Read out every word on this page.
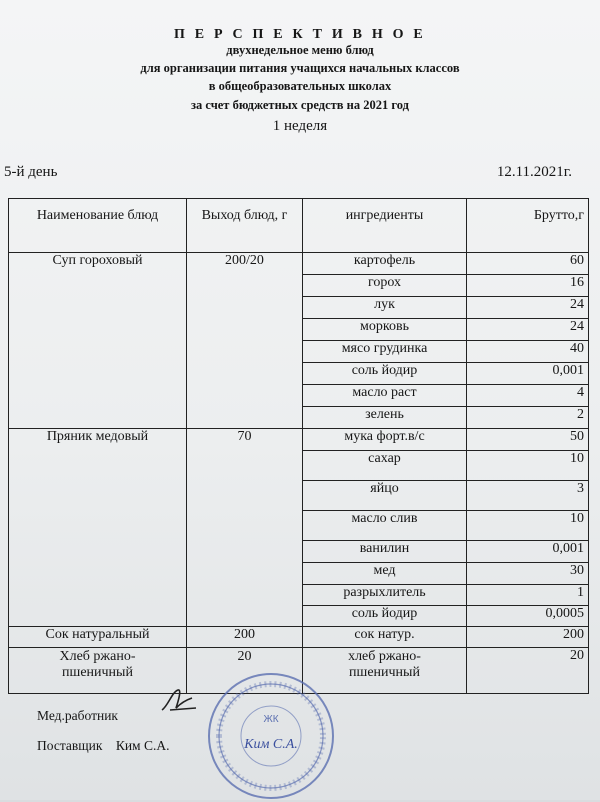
П Е Р С П Е К Т И В Н О Е
двухнедельное меню блюд
для организации питания учащихся начальных классов
в общеобразовательных школах
за счет бюджетных средств на 2021 год
1 неделя
5-й день	12.11.2021г.
Наименование блюд	Выход блюд, г	ингредиенты	Брутто,г
Суп гороховый	200/20	картофель	60
		горох	16
		лук	24
		морковь	24
		мясо грудинка	40
		соль йодир	0,001
		масло раст	4
		зелень	2
Пряник медовый	70	мука форт.в/с	50
		сахар	10
		яйцо	3
		масло слив	10
		ванилин	0,001
		мед	30
		разрыхлитель	1
		соль йодир	0,0005
Сок натуральный	200	сок натур.	200
Хлеб ржано-пшеничный	20	хлеб ржано-пшеничный	20
Мед.работник
Поставщик Ким С.А.
ЖК
Ким С.А.
